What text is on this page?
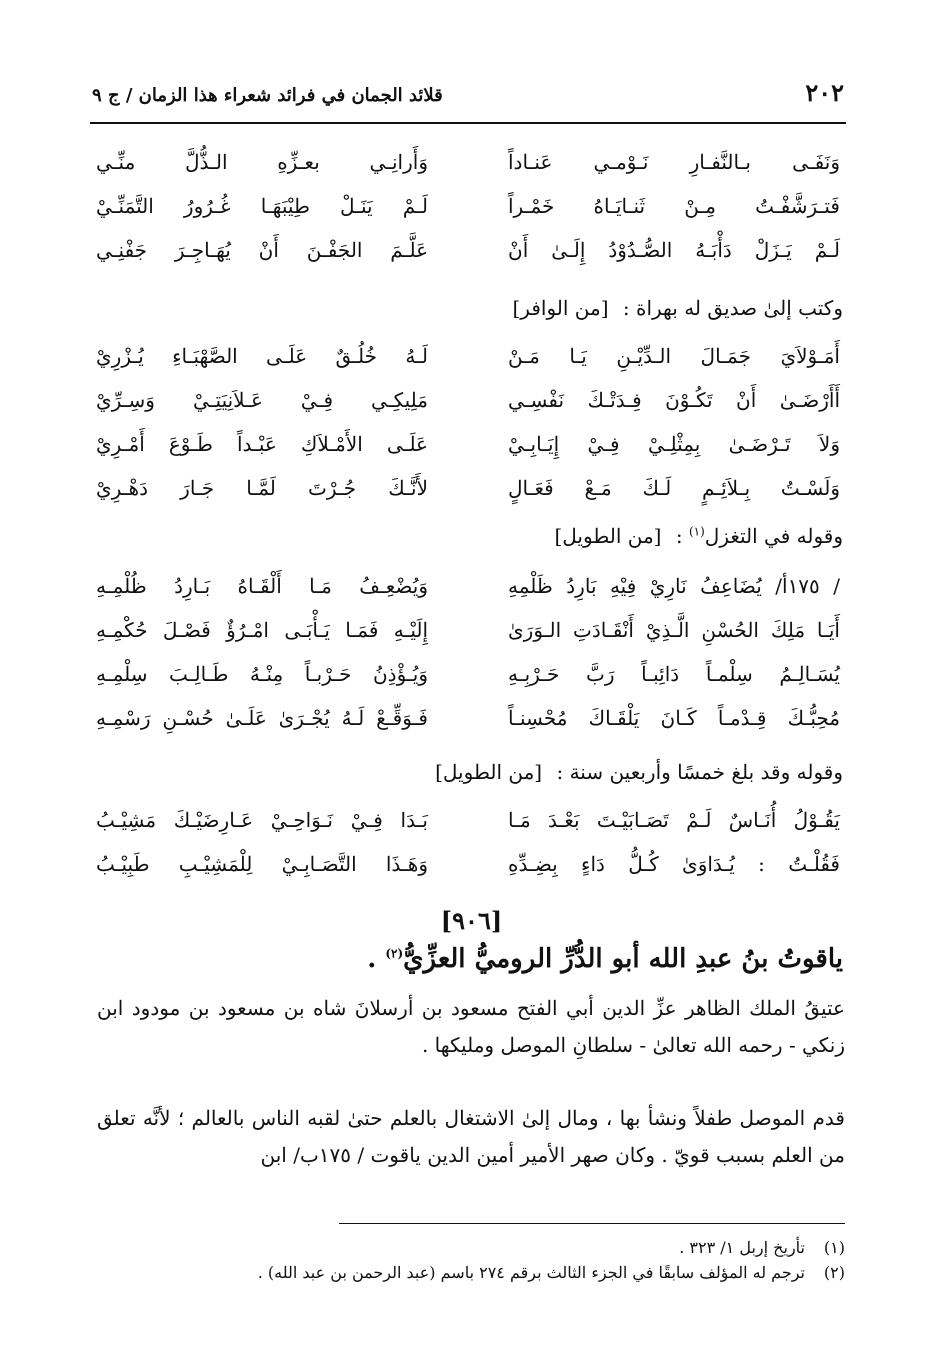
٢٠٢
قلائد الجمان في فرائد شعراء هذا الزمان / ج ٩
وَنَفَـى بـالنَّفـارِ نَـوْمـي عَنـاداً
وَأَرانِـي بعـزِّهِ الـذُّلَّ منِّـي
فَتـرَشَّفْـتُ مِـنْ ثَنـايَـاهُ خَمْـراً
لَـمْ يَنَـلْ طِيْبَهَـا غُـرُورُ التَّمَنِّـيْ
لَـمْ يَـزَلْ دَأْبَـهُ الصُّـدُوْدُ إِلَـىٰ أَنْ
عَلَّـمَ الجَفْـنَ أَنْ يُهَـاجِـرَ جَفْنِـي
وكتب إلىٰ صديق له بهراة : [من الوافر]
أَمَـوْلاَيَ جَمَـالَ الـدِّيْـنِ يَـا مَـنْ
لَـهُ خُلُـقٌ عَلَـى الصَّهْبَـاءِ يُـزْرِيْ
أَأَرْضَـىٰ أَنْ تَكُـوْنَ فِـدَتْـكَ نَفْسِـي
مَلِيكِـي فِـيْ عَـلاَنِيَتِـيْ وَسِـرِّيْ
وَلاَ تَـرْضَـىٰ بِمِثْلِـيْ فِـيْ إِيَـابِـيْ
عَلَـى الأَمْـلاَكِ عَبْـداً طَـوْعَ أَمْـرِيْ
وَلَسْـتُ بِـلاَئِـمٍ لَـكَ مَـعْ فَعَـالٍ
لأَنَّـكَ جُـرْتَ لَمَّـا جَـارَ دَهْـرِيْ
وقوله في التغزل$^{(١)}$ : [من الطويل]
/ ١٧٥أ/ يُضَاعِفُ نَارِيْ فِيْهِ بَارِدُ ظَلْمِهِ
وَيُضْعِـفُ مَـا أَلْقَـاهُ بَـارِدُ ظُلْمِـهِ
أَيَـا مَلِكَ الحُسْنِ الَّـذِيْ أَنْقَـادَتِ الـوَرَىٰ
إِلَيْـهِ فَمَـا يَـأْبَـى امْـرُؤٌ فَصْـلَ حُكْمِـهِ
يُسَـالِـمُ سِلْمـاً دَائِبـاً رَبَّ حَـرْبِـهِ
وَيُـؤْذِنُ حَـرْبـاً مِنْـهُ طَـالِـبَ سِلْمِـهِ
مُحِبُّـكَ قِـدْمـاً كَـانَ يَلْقَـاكَ مُحْسِنـاً
فَـوَقِّـعْ لَـهُ يُجْـرَىٰ عَلَـىٰ حُسْـنِ رَسْمِـهِ
وقوله وقد بلغ خمسًا وأربعين سنة : [من الطويل]
يَقُـوْلُ أُنَـاسٌ لَـمْ تَصَـابَيْـتَ بَعْـدَ مَـا
بَـدَا فِـيْ نَـوَاحِـيْ عَـارِضَيْـكَ مَشِيْـبُ
فَقُلْـتُ : يُـدَاوَىٰ كُـلُّ دَاءٍ بِضِـدِّهِ
وَهَـذَا التَّصَـابِـيْ لِلْمَشِيْـبِ طَبِيْـبُ
[٩٠٦]
ياقوتُ بنُ عبدِ الله أبو الدُّرِّ الروميُّ العزِّيُّ$^{(٢)}$ .

عتيقُ الملك الظاهر عزِّ الدين أبي الفتح مسعود بن أرسلانَ شاه بن مسعود بن مودود ابن زنكي - رحمه الله تعالىٰ - سلطانِ الموصل ومليكها .

قدم الموصل طفلاً ونشأ بها ، ومال إلىٰ الاشتغال بالعلم حتىٰ لقبه الناس بالعالم ؛ لأنَّه تعلق من العلم بسبب قويّ . وكان صهر الأمير أمين الدين ياقوت / ١٧٥ب/ ابن

(١)
تأريخ إربل ١/ ٣٢٣ .
(٢)
ترجم له المؤلف سابقًا في الجزء الثالث برقم ٢٧٤ باسم (عبد الرحمن بن عبد الله) .
